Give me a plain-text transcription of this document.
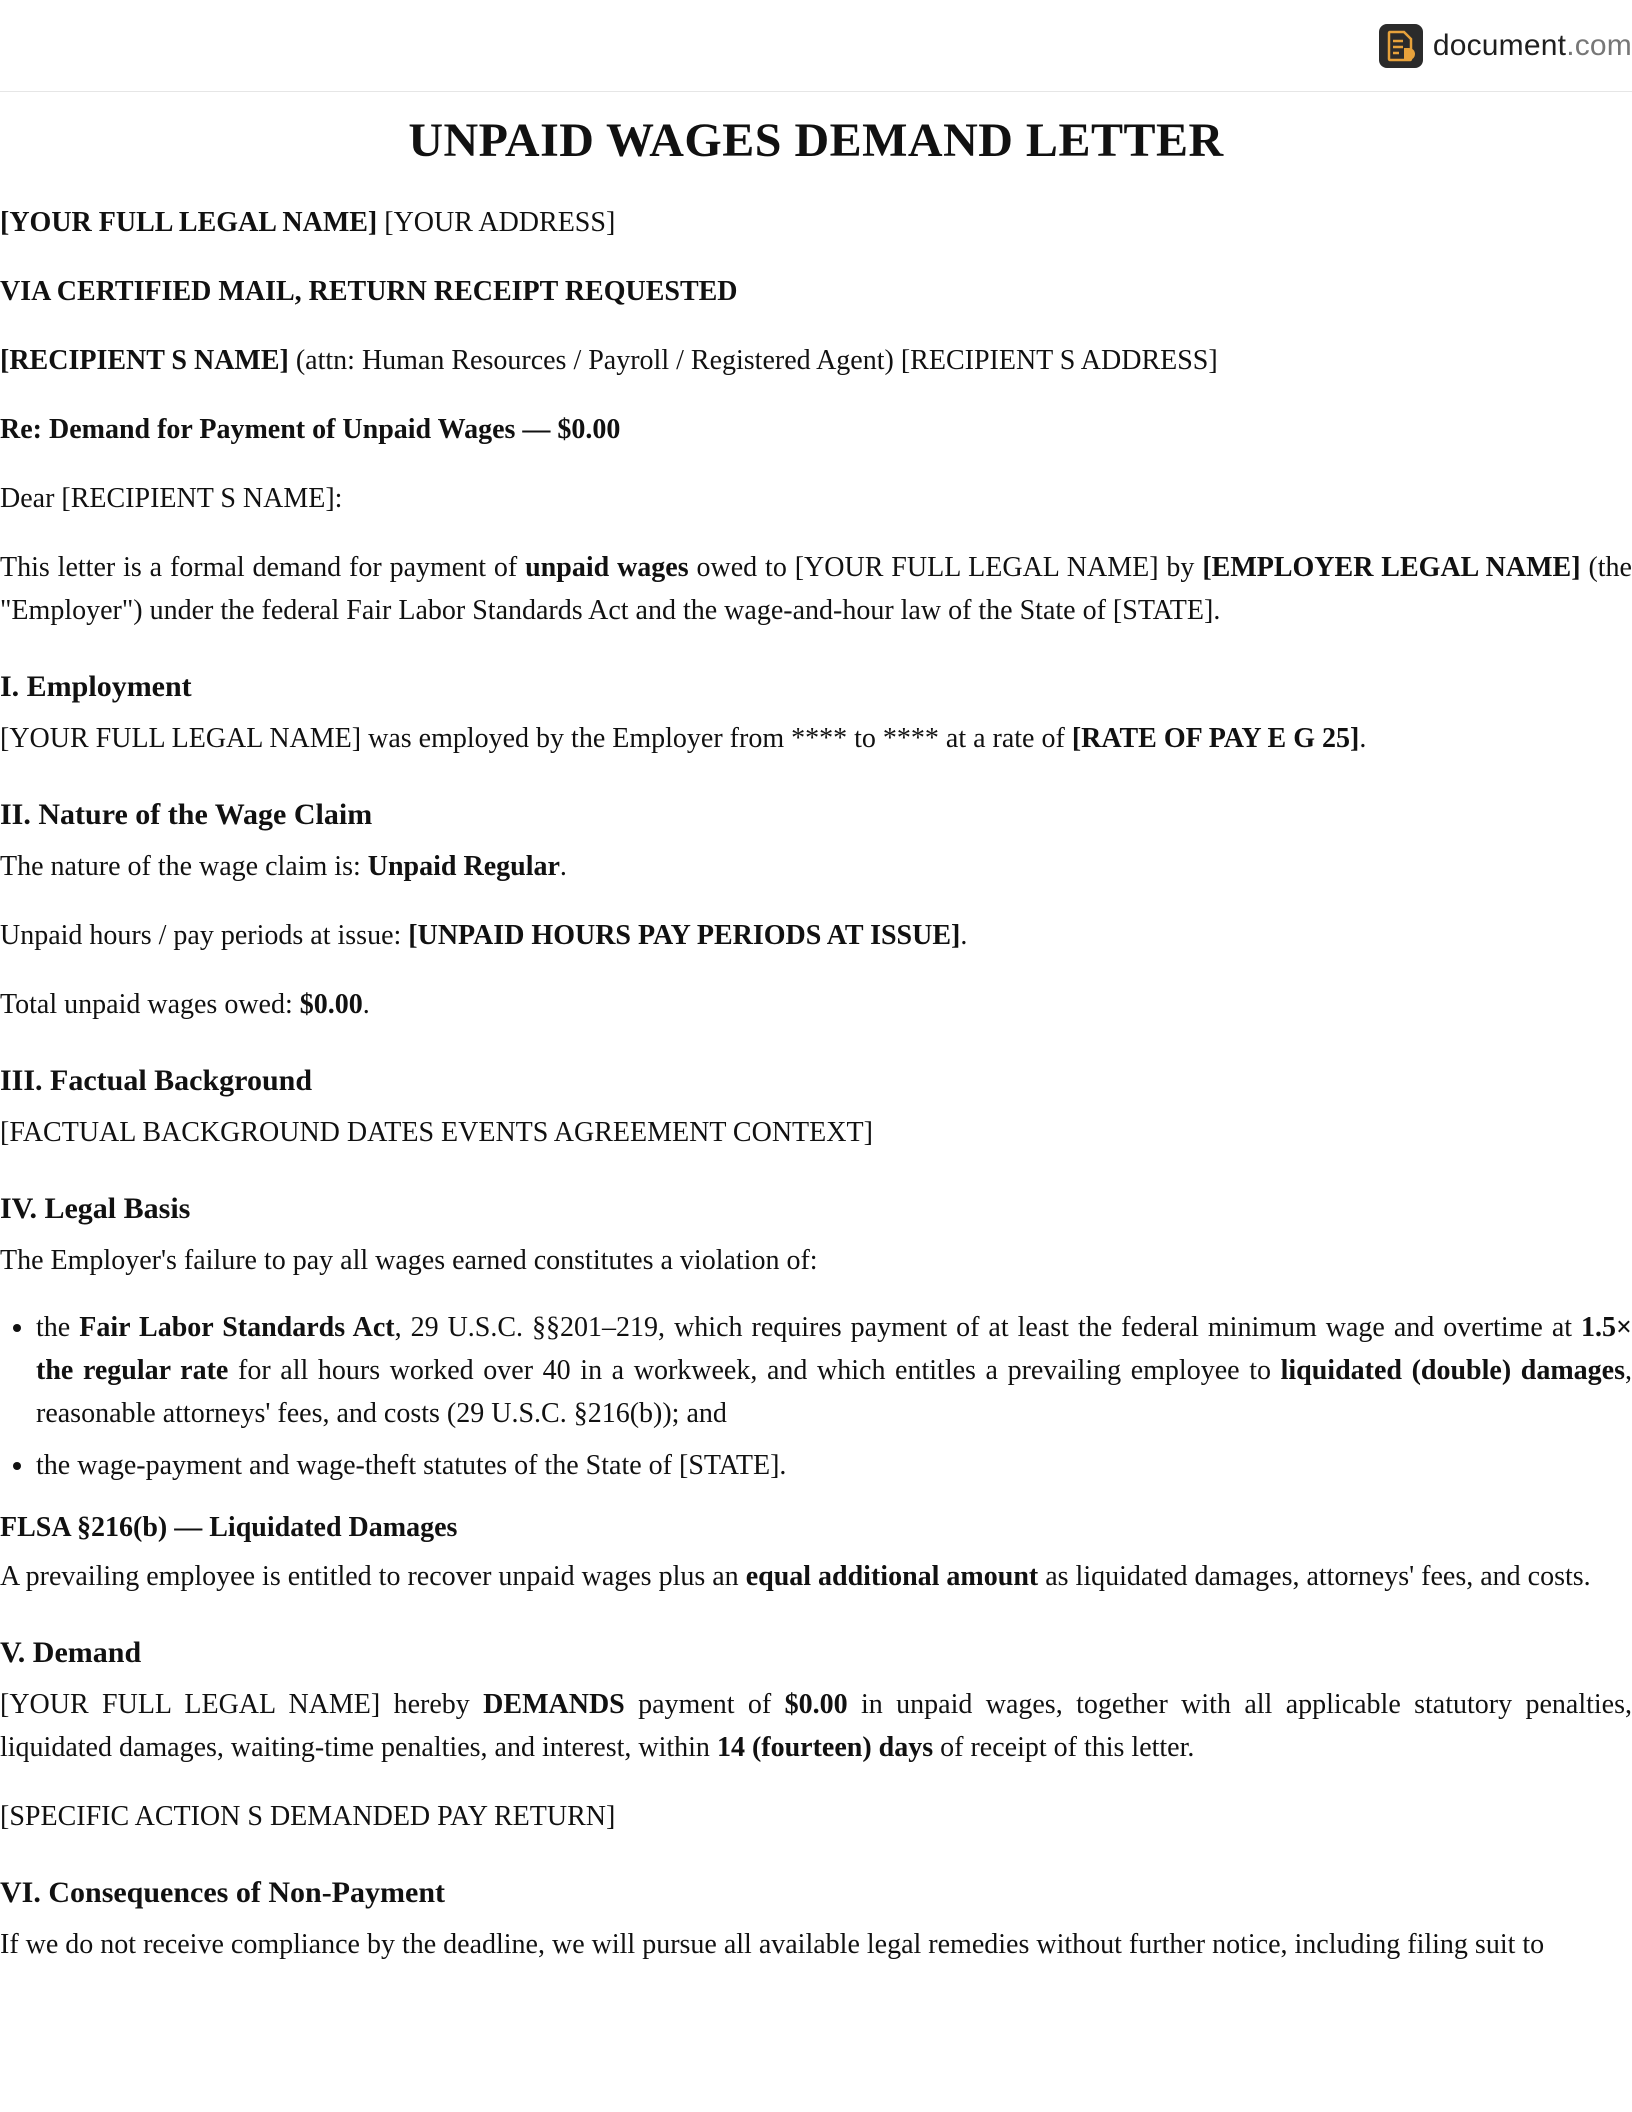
document.com
UNPAID WAGES DEMAND LETTER

[YOUR FULL LEGAL NAME] [YOUR ADDRESS]

VIA CERTIFIED MAIL, RETURN RECEIPT REQUESTED

[RECIPIENT S NAME] (attn: Human Resources / Payroll / Registered Agent) [RECIPIENT S ADDRESS]

Re: Demand for Payment of Unpaid Wages — $0.00

Dear [RECIPIENT S NAME]:

This letter is a formal demand for payment of unpaid wages owed to [YOUR FULL LEGAL NAME] by [EMPLOYER LEGAL NAME] (the "Employer") under the federal Fair Labor Standards Act and the wage-and-hour law of the State of [STATE].

I. Employment

[YOUR FULL LEGAL NAME] was employed by the Employer from **** to **** at a rate of [RATE OF PAY E G 25].

II. Nature of the Wage Claim

The nature of the wage claim is: Unpaid Regular.

Unpaid hours / pay periods at issue: [UNPAID HOURS PAY PERIODS AT ISSUE].

Total unpaid wages owed: $0.00.

III. Factual Background

[FACTUAL BACKGROUND DATES EVENTS AGREEMENT CONTEXT]

IV. Legal Basis

The Employer's failure to pay all wages earned constitutes a violation of:

• the Fair Labor Standards Act, 29 U.S.C. §§201–219, which requires payment of at least the federal minimum wage and overtime at 1.5× the regular rate for all hours worked over 40 in a workweek, and which entitles a prevailing employee to liquidated (double) damages, reasonable attorneys' fees, and costs (29 U.S.C. §216(b)); and
• the wage-payment and wage-theft statutes of the State of [STATE].
FLSA §216(b) — Liquidated Damages

A prevailing employee is entitled to recover unpaid wages plus an equal additional amount as liquidated damages, attorneys' fees, and costs.

V. Demand

[YOUR FULL LEGAL NAME] hereby DEMANDS payment of $0.00 in unpaid wages, together with all applicable statutory penalties, liquidated damages, waiting-time penalties, and interest, within 14 (fourteen) days of receipt of this letter.

[SPECIFIC ACTION S DEMANDED PAY RETURN]

VI. Consequences of Non-Payment

If we do not receive compliance by the deadline, we will pursue all available legal remedies without further notice, including filing suit to
